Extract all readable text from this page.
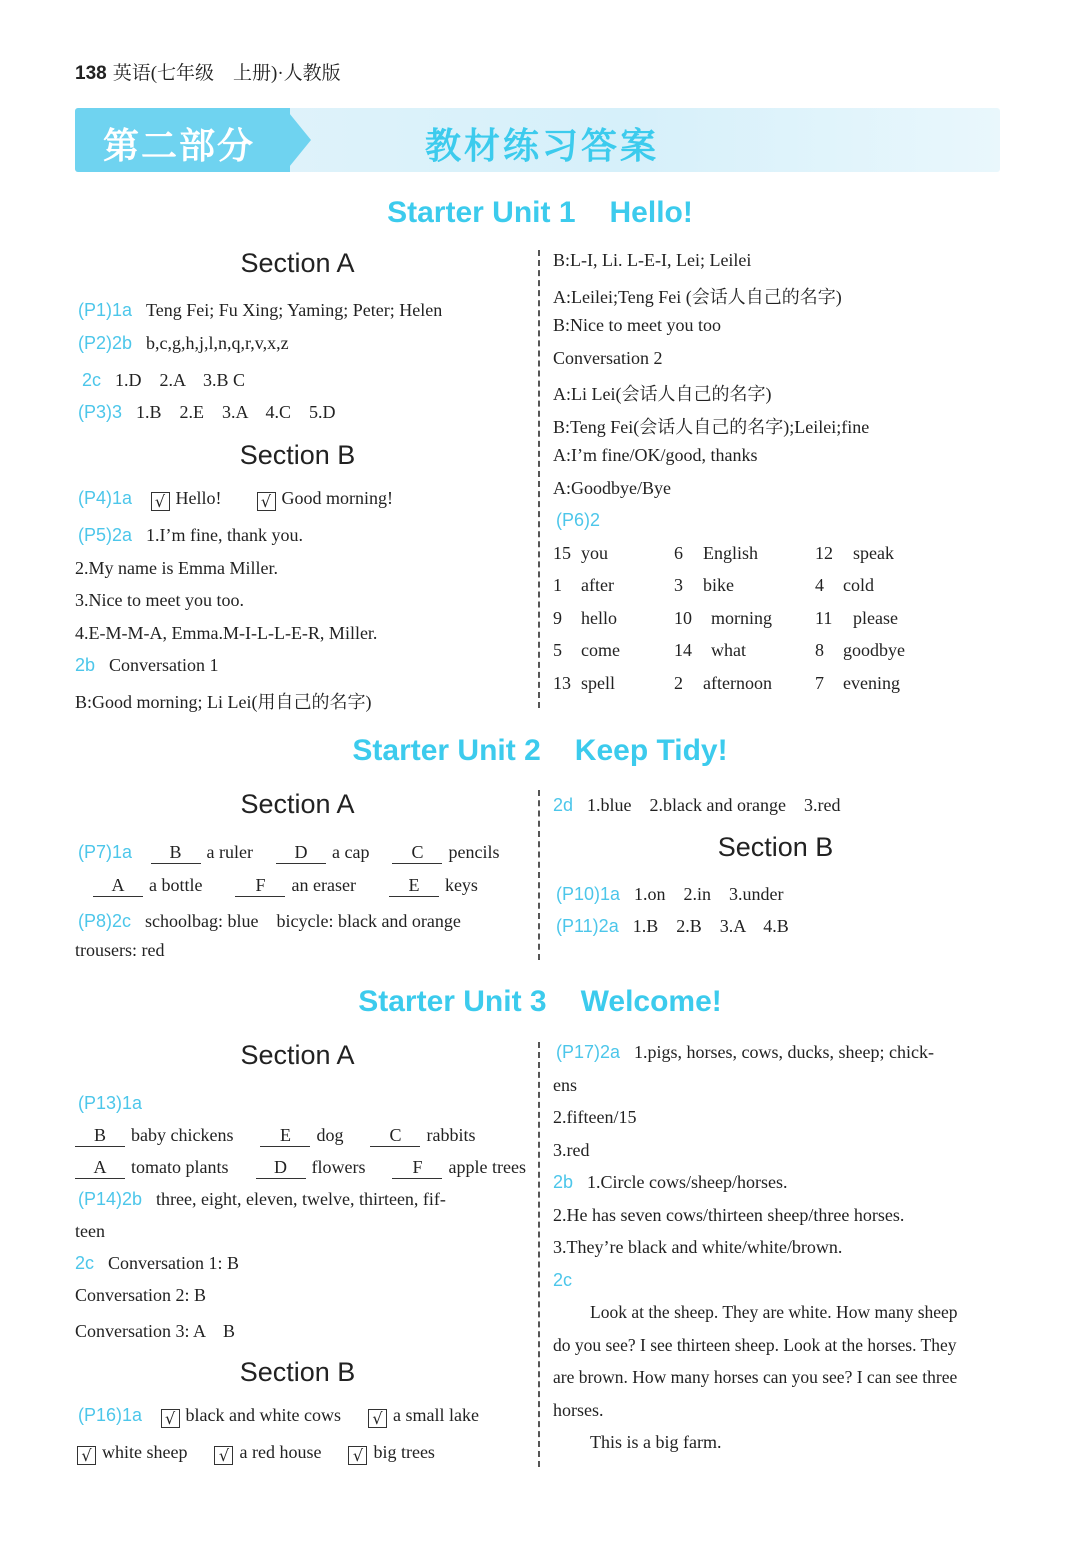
138 英语(七年级　上册)·人教版
第二部分	教材练习答案
Starter Unit 1 Hello!
Section A
(P1)1a Teng Fei; Fu Xing; Yaming; Peter; Helen
(P2)2b b,c,g,h,j,l,n,q,r,v,x,z
2c 1.D　2.A　3.B C
(P3)3 1.B　2.E　3.A　4.C　5.D
Section B
(P4)1a √ Hello! √ Good morning!
(P5)2a 1.I’m fine, thank you.
2.My name is Emma Miller.
3.Nice to meet you too.
4.E-M-M-A, Emma.M-I-L-L-E-R, Miller.
2b Conversation 1
B:Good morning; Li Lei(用自己的名字)
B:L-I, Li. L-E-I, Lei; Leilei
A:Leilei;Teng Fei (会话人自己的名字)
B:Nice to meet you too
Conversation 2
A:Li Lei(会话人自己的名字)
B:Teng Fei(会话人自己的名字);Leilei;fine
A:I’m fine/OK/good, thanks
A:Goodbye/Bye
(P6)2
15 you	6 English	12 speak
1 after	3 bike	4 cold
9 hello	10 morning 11 please
5 come	14 what	8 goodbye
13 spell	2 afternoon 7 evening
Starter Unit 2 Keep Tidy!
Section A
(P7)1a B a ruler D a cap C pencils
A a bottle	F an eraser	E keys
(P8)2c schoolbag: blue　bicycle: black and orange
trousers: red
2d 1.blue　2.black and orange　3.red
Section B
(P10)1a 1.on　2.in　3.under
(P11)2a 1.B　2.B　3.A　4.B
Starter Unit 3 Welcome!
Section A
(P13)1a
B baby chickens	E dog	C rabbits
A tomato plants	D flowers	F apple trees
(P14)2b three, eight, eleven, twelve, thirteen, fif-
teen
2c Conversation 1: B
Conversation 2: B
Conversation 3: A　B
Section B
(P16)1a √ black and white cows √ a small lake
√ white sheep √ a red house √ big trees
(P17)2a 1.pigs, horses, cows, ducks, sheep; chick-
ens
2.fifteen/15
3.red
2b 1.Circle cows/sheep/horses.
2.He has seven cows/thirteen sheep/three horses.
3.They’re black and white/white/brown.
2c
Look at the sheep. They are white. How many sheep
do you see? I see thirteen sheep. Look at the horses. They
are brown. How many horses can you see? I can see three
horses.
This is a big farm.
